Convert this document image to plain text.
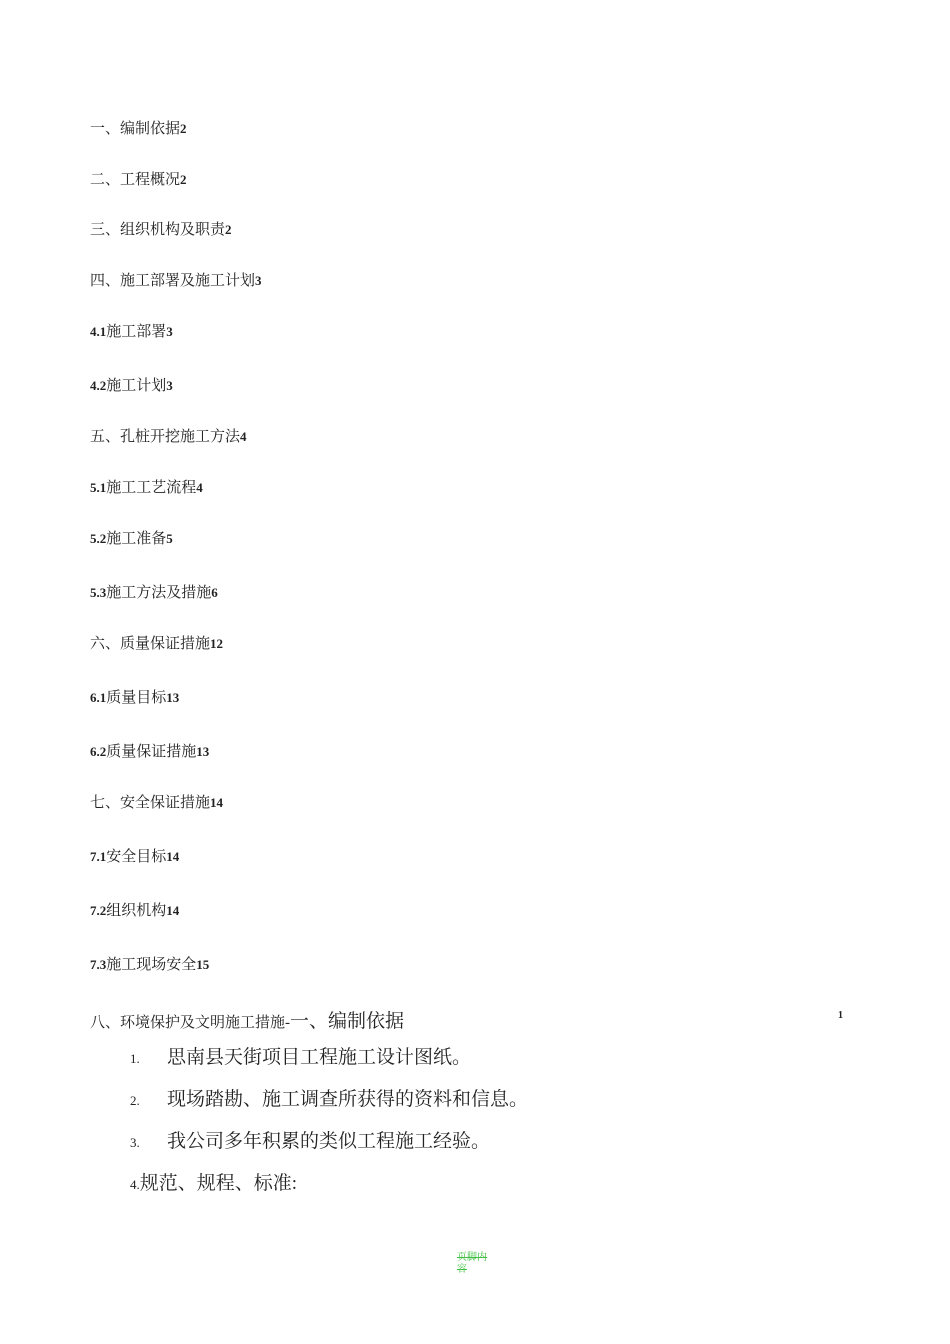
一、编制依据2
二、工程概况2
三、组织机构及职责2
四、施工部署及施工计划3
4.1施工部署3
4.2施工计划3
五、孔桩开挖施工方法4
5.1施工工艺流程4
5.2施工准备5
5.3施工方法及措施6
六、质量保证措施12
6.1质量目标13
6.2质量保证措施13
七、安全保证措施14
7.1安全目标14
7.2组织机构14
7.3施工现场安全15
八、环境保护及文明施工措施-一、编制依据	1
1. 思南县天街项目工程施工设计图纸。
2. 现场踏勘、施工调查所获得的资料和信息。
3. 我公司多年积累的类似工程施工经验。
4.规范、规程、标准:
页脚内容
